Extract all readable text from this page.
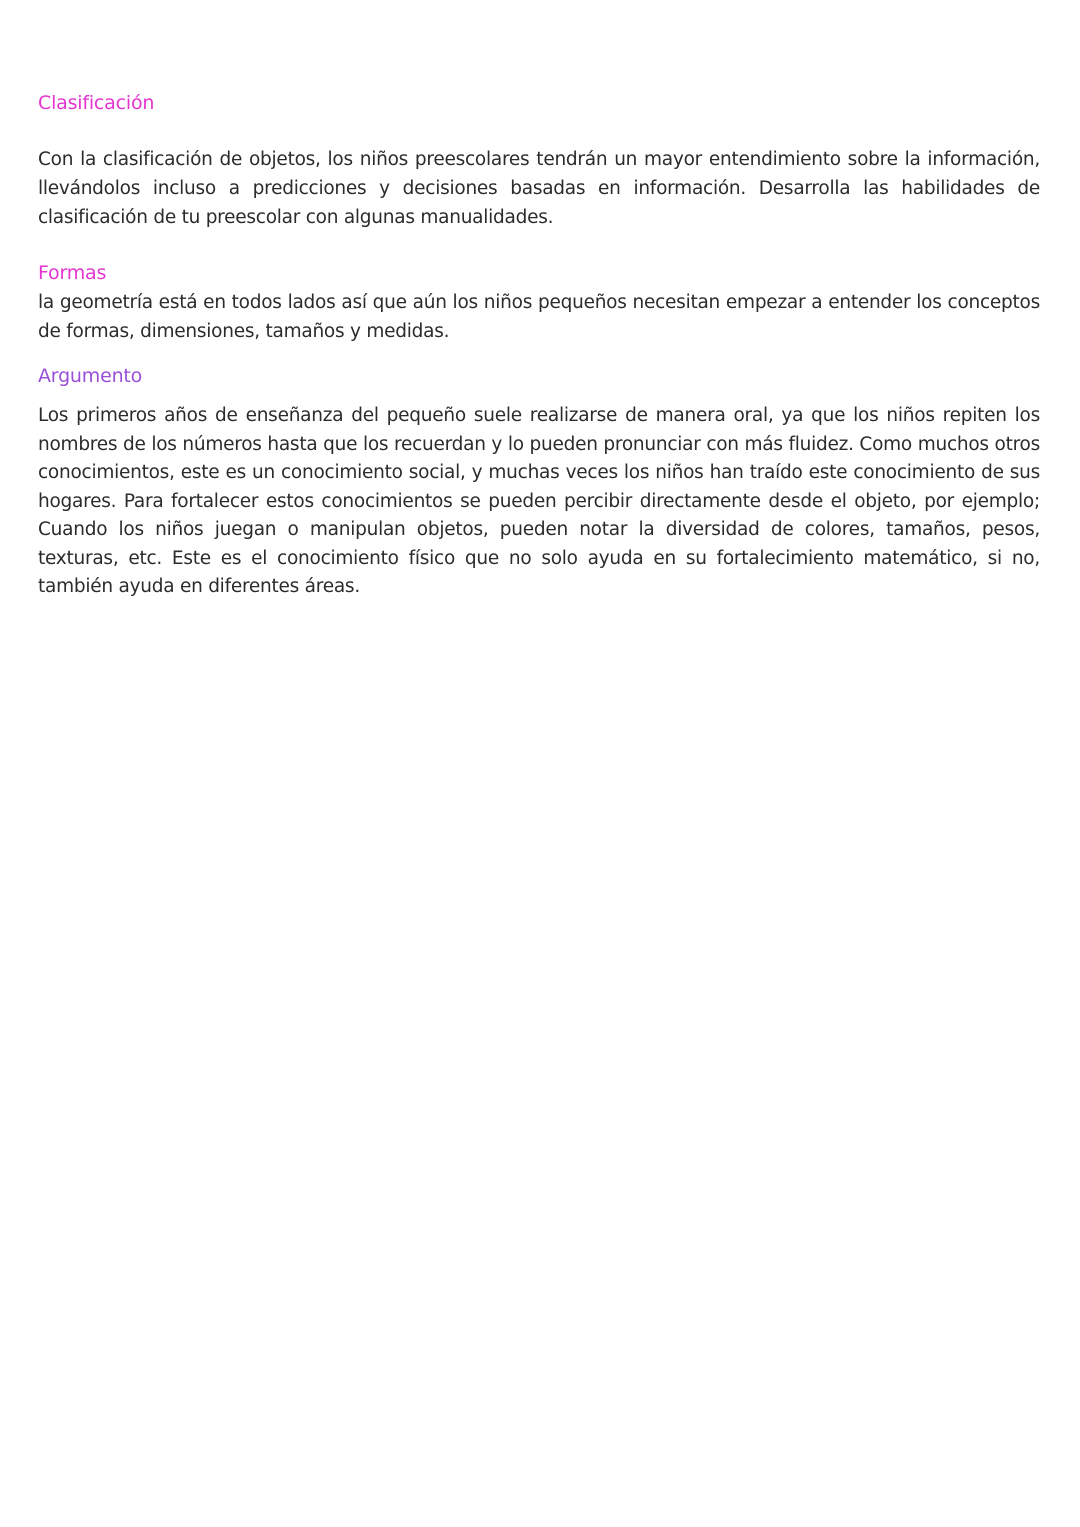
Clasificación

Con la clasificación de objetos, los niños preescolares tendrán un mayor entendimiento sobre la información, llevándolos incluso a predicciones y decisiones basadas en información. Desarrolla las habilidades de clasificación de tu preescolar con algunas manualidades.

Formas

la geometría está en todos lados así que aún los niños pequeños necesitan empezar a entender los conceptos de formas, dimensiones, tamaños y medidas.

Argumento

Los primeros años de enseñanza del pequeño suele realizarse de manera oral, ya que los niños repiten los nombres de los números hasta que los recuerdan y lo pueden pronunciar con más fluidez. Como muchos otros conocimientos, este es un conocimiento social, y muchas veces los niños han traído este conocimiento de sus hogares. Para fortalecer estos conocimientos se pueden percibir directamente desde el objeto, por ejemplo; Cuando los niños juegan o manipulan objetos, pueden notar la diversidad de colores, tamaños, pesos, texturas, etc. Este es el conocimiento físico que no solo ayuda en su fortalecimiento matemático, si no, también ayuda en diferentes áreas.
